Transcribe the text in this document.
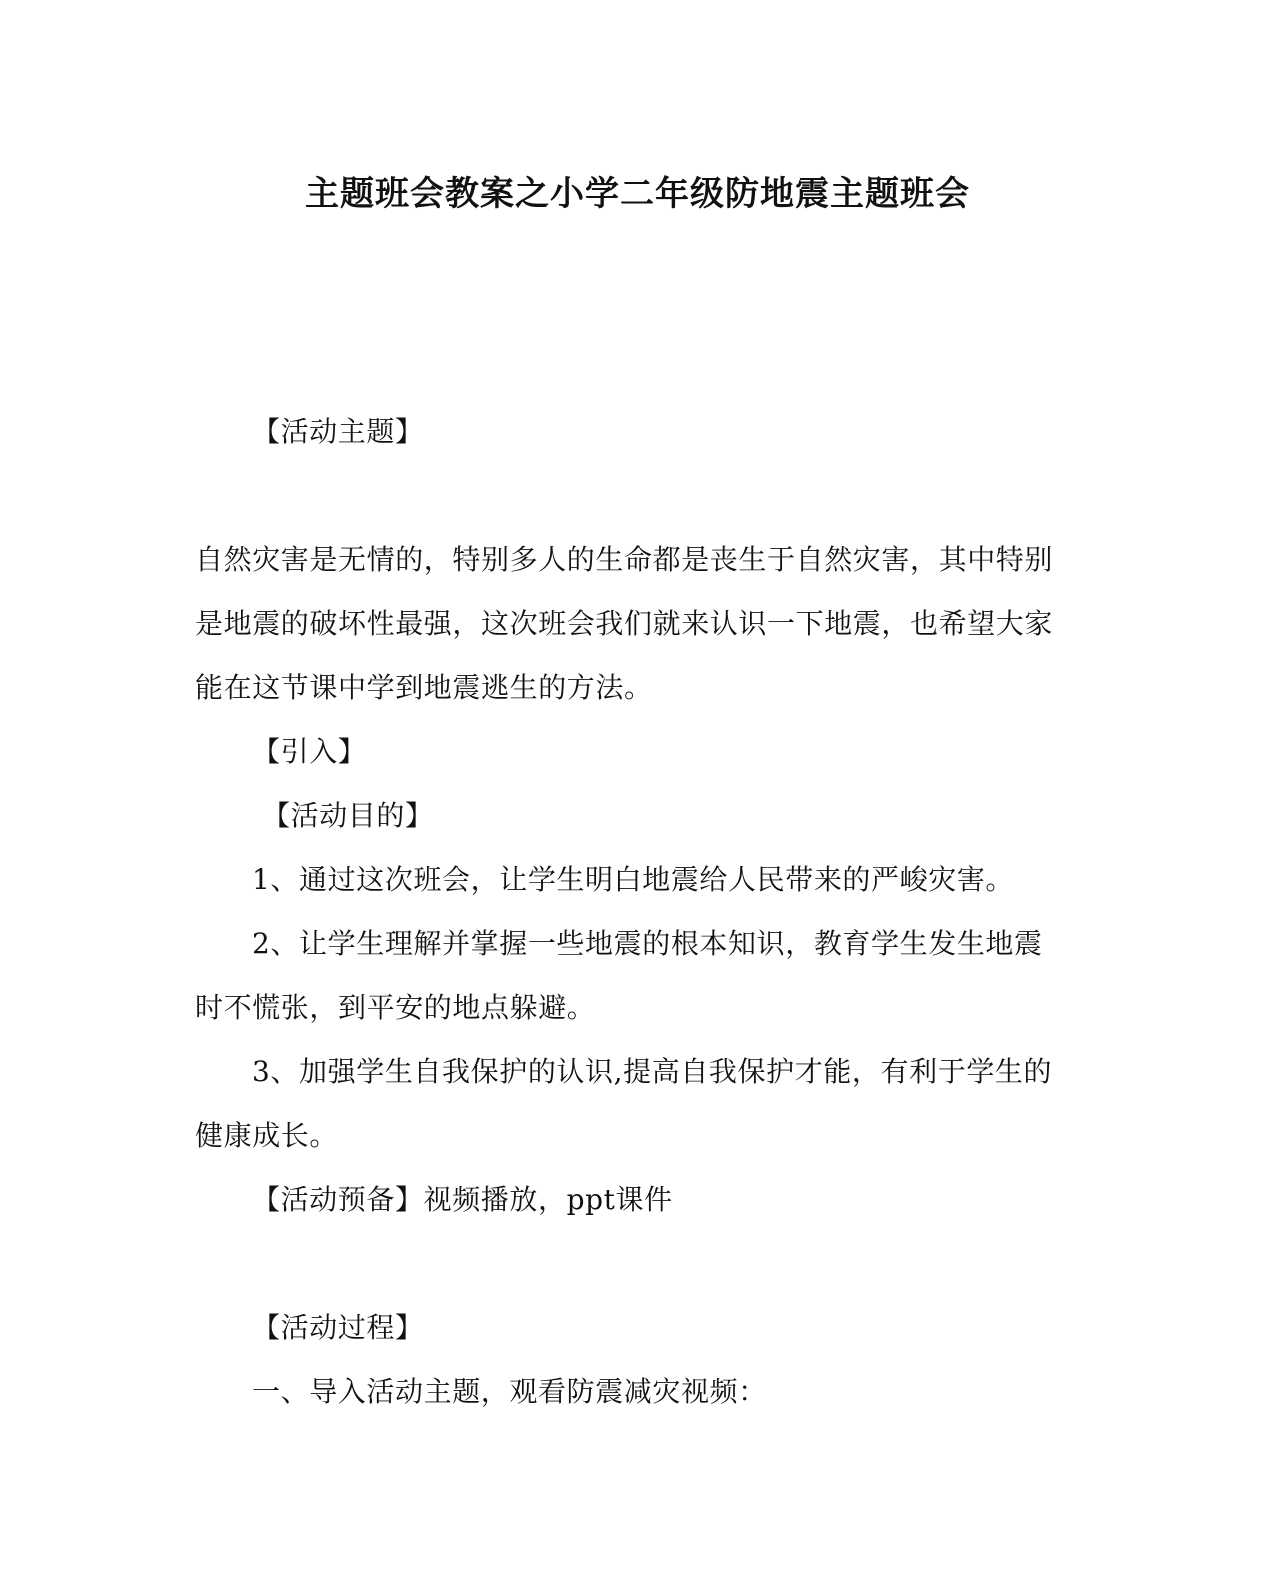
主题班会教案之小学二年级防地震主题班会
【活动主题】
自然灾害是无情的，特别多人的生命都是丧生于自然灾害，其中特别
是地震的破坏性最强，这次班会我们就来认识一下地震，也希望大家
能在这节课中学到地震逃生的方法。
【引入】
【活动目的】
1、通过这次班会，让学生明白地震给人民带来的严峻灾害。
2、让学生理解并掌握一些地震的根本知识，教育学生发生地震
时不慌张，到平安的地点躲避。
3、加强学生自我保护的认识,提高自我保护才能，有利于学生的
健康成长。
【活动预备】视频播放，ppt课件
【活动过程】
一、导入活动主题，观看防震减灾视频：
